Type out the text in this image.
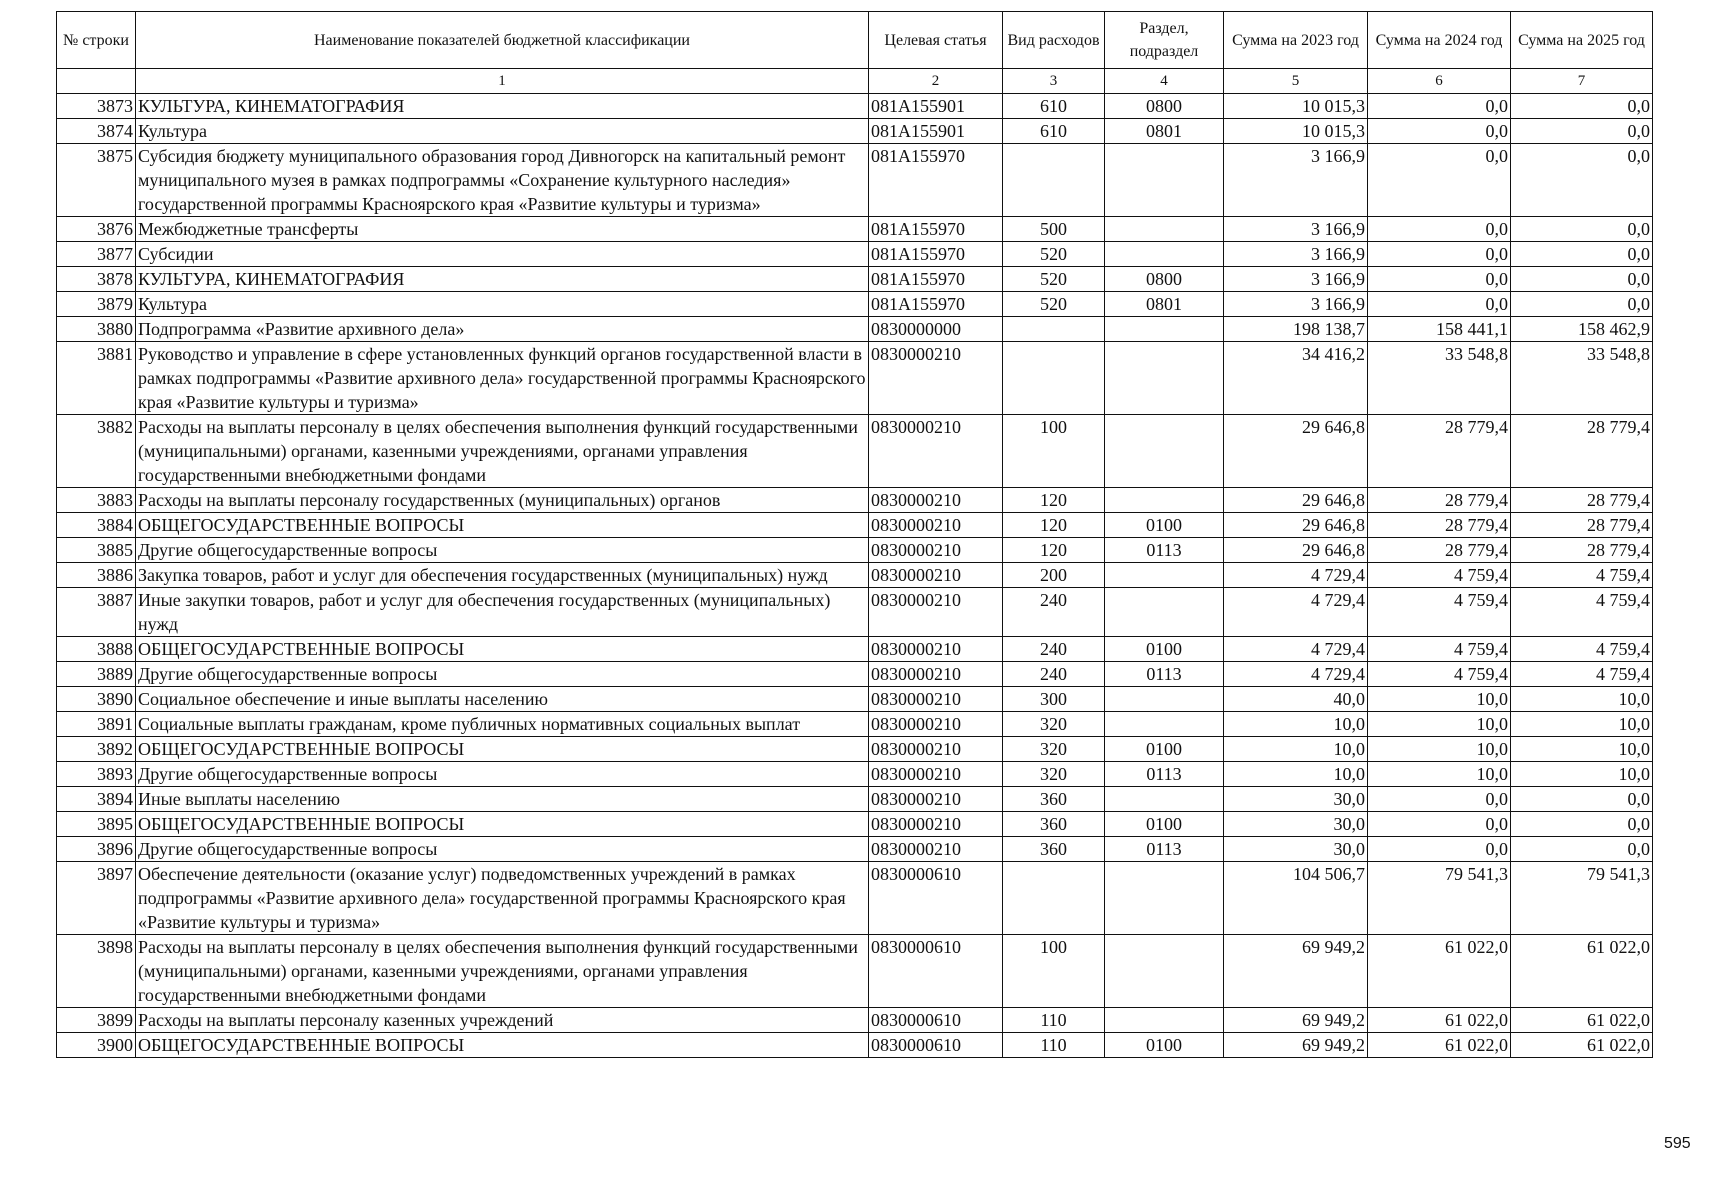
№ строки	Наименование показателей бюджетной классификации	Целевая статья	Вид расходов	Раздел, подраздел	Сумма на 2023 год	Сумма на 2024 год	Сумма на 2025 год
	1	2	3	4	5	6	7
3873	КУЛЬТУРА, КИНЕМАТОГРАФИЯ	081A155901	610	0800	10 015,3	0,0	0,0
3874	Культура	081A155901	610	0801	10 015,3	0,0	0,0
3875	Субсидия бюджету муниципального образования город Дивногорск на капитальный ремонт муниципального музея в рамках подпрограммы «Сохранение культурного наследия» государственной программы Красноярского края «Развитие культуры и туризма»	081A155970			3 166,9	0,0	0,0
3876	Межбюджетные трансферты	081A155970	500		3 166,9	0,0	0,0
3877	Субсидии	081A155970	520		3 166,9	0,0	0,0
3878	КУЛЬТУРА, КИНЕМАТОГРАФИЯ	081A155970	520	0800	3 166,9	0,0	0,0
3879	Культура	081A155970	520	0801	3 166,9	0,0	0,0
3880	Подпрограмма «Развитие архивного дела»	0830000000			198 138,7	158 441,1	158 462,9
3881	Руководство и управление в сфере установленных функций органов государственной власти в рамках подпрограммы «Развитие архивного дела» государственной программы Красноярского края «Развитие культуры и туризма»	0830000210			34 416,2	33 548,8	33 548,8
3882	Расходы на выплаты персоналу в целях обеспечения выполнения функций государственными (муниципальными) органами, казенными учреждениями, органами управления государственными внебюджетными фондами	0830000210	100		29 646,8	28 779,4	28 779,4
3883	Расходы на выплаты персоналу государственных (муниципальных) органов	0830000210	120		29 646,8	28 779,4	28 779,4
3884	ОБЩЕГОСУДАРСТВЕННЫЕ ВОПРОСЫ	0830000210	120	0100	29 646,8	28 779,4	28 779,4
3885	Другие общегосударственные вопросы	0830000210	120	0113	29 646,8	28 779,4	28 779,4
3886	Закупка товаров, работ и услуг для обеспечения государственных (муниципальных) нужд	0830000210	200		4 729,4	4 759,4	4 759,4
3887	Иные закупки товаров, работ и услуг для обеспечения государственных (муниципальных) нужд	0830000210	240		4 729,4	4 759,4	4 759,4
3888	ОБЩЕГОСУДАРСТВЕННЫЕ ВОПРОСЫ	0830000210	240	0100	4 729,4	4 759,4	4 759,4
3889	Другие общегосударственные вопросы	0830000210	240	0113	4 729,4	4 759,4	4 759,4
3890	Социальное обеспечение и иные выплаты населению	0830000210	300		40,0	10,0	10,0
3891	Социальные выплаты гражданам, кроме публичных нормативных социальных выплат	0830000210	320		10,0	10,0	10,0
3892	ОБЩЕГОСУДАРСТВЕННЫЕ ВОПРОСЫ	0830000210	320	0100	10,0	10,0	10,0
3893	Другие общегосударственные вопросы	0830000210	320	0113	10,0	10,0	10,0
3894	Иные выплаты населению	0830000210	360		30,0	0,0	0,0
3895	ОБЩЕГОСУДАРСТВЕННЫЕ ВОПРОСЫ	0830000210	360	0100	30,0	0,0	0,0
3896	Другие общегосударственные вопросы	0830000210	360	0113	30,0	0,0	0,0
3897	Обеспечение деятельности (оказание услуг) подведомственных учреждений в рамках подпрограммы «Развитие архивного дела» государственной программы Красноярского края «Развитие культуры и туризма»	0830000610			104 506,7	79 541,3	79 541,3
3898	Расходы на выплаты персоналу в целях обеспечения выполнения функций государственными (муниципальными) органами, казенными учреждениями, органами управления государственными внебюджетными фондами	0830000610	100		69 949,2	61 022,0	61 022,0
3899	Расходы на выплаты персоналу казенных учреждений	0830000610	110		69 949,2	61 022,0	61 022,0
3900	ОБЩЕГОСУДАРСТВЕННЫЕ ВОПРОСЫ	0830000610	110	0100	69 949,2	61 022,0	61 022,0
595
